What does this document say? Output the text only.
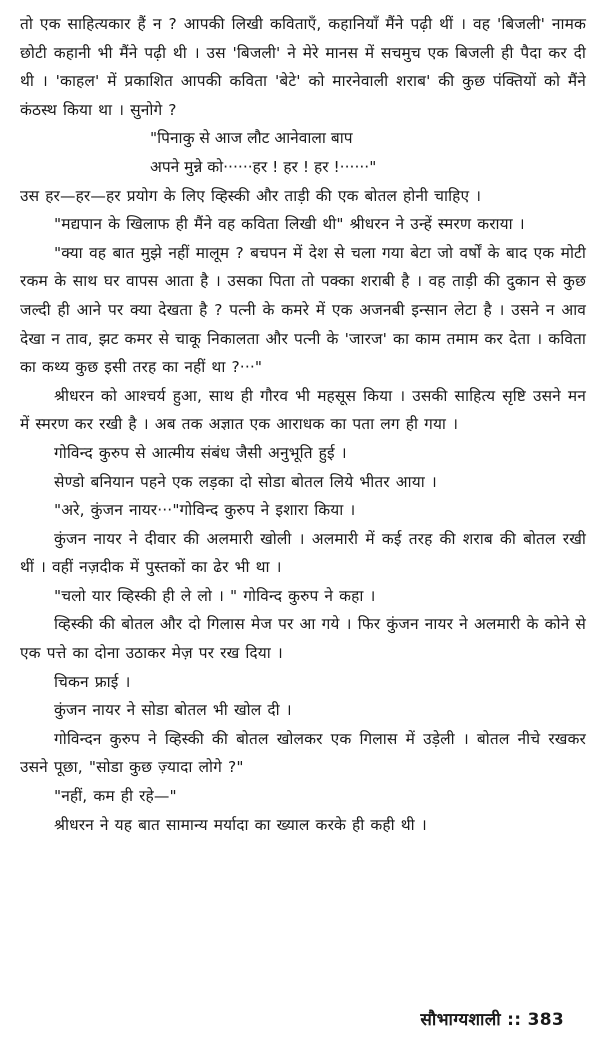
तो एक साहित्यकार हैं न ? आपकी लिखी कविताएँ, कहानियाँ मैंने पढ़ी थीं । वह 'बिजली' नामक छोटी कहानी भी मैंने पढ़ी थी । उस 'बिजली' ने मेरे मानस में सचमुच एक बिजली ही पैदा कर दी थी । 'काहल' में प्रकाशित आपकी कविता 'बेटे' को मारनेवाली शराब' की कुछ पंक्तियों को मैंने कंठस्थ किया था । सुनोगे ?

"पिनाकु से आज लौट आनेवाला बाप

अपने मुन्ने को······हर ! हर ! हर !······"

उस हर—हर—हर प्रयोग के लिए व्हिस्की और ताड़ी की एक बोतल होनी चाहिए ।

"मद्यपान के खिलाफ ही मैंने वह कविता लिखी थी" श्रीधरन ने उन्हें स्मरण कराया ।

"क्या वह बात मुझे नहीं मालूम ? बचपन में देश से चला गया बेटा जो वर्षों के बाद एक मोटी रकम के साथ घर वापस आता है । उसका पिता तो पक्का शराबी है । वह ताड़ी की दुकान से कुछ जल्दी ही आने पर क्या देखता है ? पत्नी के कमरे में एक अजनबी इन्सान लेटा है । उसने न आव देखा न ताव, झट कमर से चाकू निकालता और पत्नी के 'जारज' का काम तमाम कर देता । कविता का कथ्य कुछ इसी तरह का नहीं था ?···"

श्रीधरन को आश्चर्य हुआ, साथ ही गौरव भी महसूस किया । उसकी साहित्य सृष्टि उसने मन में स्मरण कर रखी है । अब तक अज्ञात एक आराधक का पता लग ही गया ।

गोविन्द कुरुप से आत्मीय संबंध जैसी अनुभूति हुई ।

सेण्डो बनियान पहने एक लड़का दो सोडा बोतल लिये भीतर आया ।

"अरे, कुंजन नायर···"गोविन्द कुरुप ने इशारा किया ।

कुंजन नायर ने दीवार की अलमारी खोली । अलमारी में कई तरह की शराब की बोतल रखी थीं । वहीं नज़दीक में पुस्तकों का ढेर भी था ।

"चलो यार व्हिस्की ही ले लो । " गोविन्द कुरुप ने कहा ।

व्हिस्की की बोतल और दो गिलास मेज पर आ गये । फिर कुंजन नायर ने अलमारी के कोने से एक पत्ते का दोना उठाकर मेज़ पर रख दिया ।

चिकन फ्राई ।

कुंजन नायर ने सोडा बोतल भी खोल दी ।

गोविन्दन कुरुप ने व्हिस्की की बोतल खोलकर एक गिलास में उड़ेली । बोतल नीचे रखकर उसने पूछा, "सोडा कुछ ज़्यादा लोगे ?"

"नहीं, कम ही रहे—"

श्रीधरन ने यह बात सामान्य मर्यादा का ख्याल करके ही कही थी ।

सौभाग्यशाली :: 383
